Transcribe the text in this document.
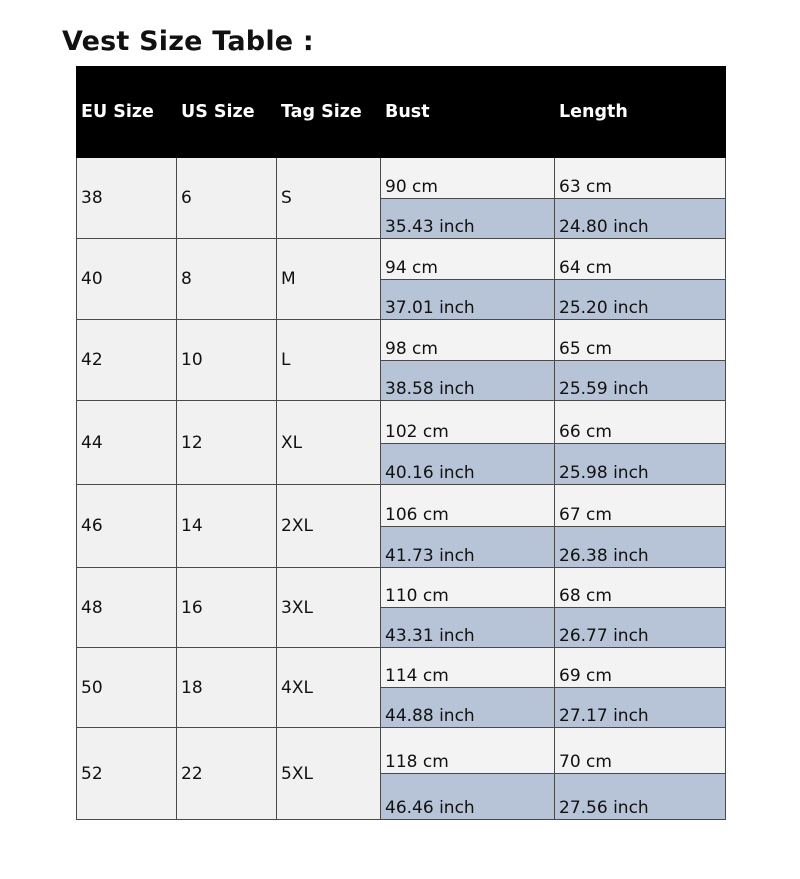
Vest Size Table :
EU Size	US Size	Tag Size	Bust	Length
38	6	S	90 cm	63 cm
			35.43 inch	24.80 inch
40	8	M	94 cm	64 cm
			37.01 inch	25.20 inch
42	10	L	98 cm	65 cm
			38.58 inch	25.59 inch
44	12	XL	102 cm	66 cm
			40.16 inch	25.98 inch
46	14	2XL	106 cm	67 cm
			41.73 inch	26.38 inch
48	16	3XL	110 cm	68 cm
			43.31 inch	26.77 inch
50	18	4XL	114 cm	69 cm
			44.88 inch	27.17 inch
52	22	5XL	118 cm	70 cm
			46.46 inch	27.56 inch
